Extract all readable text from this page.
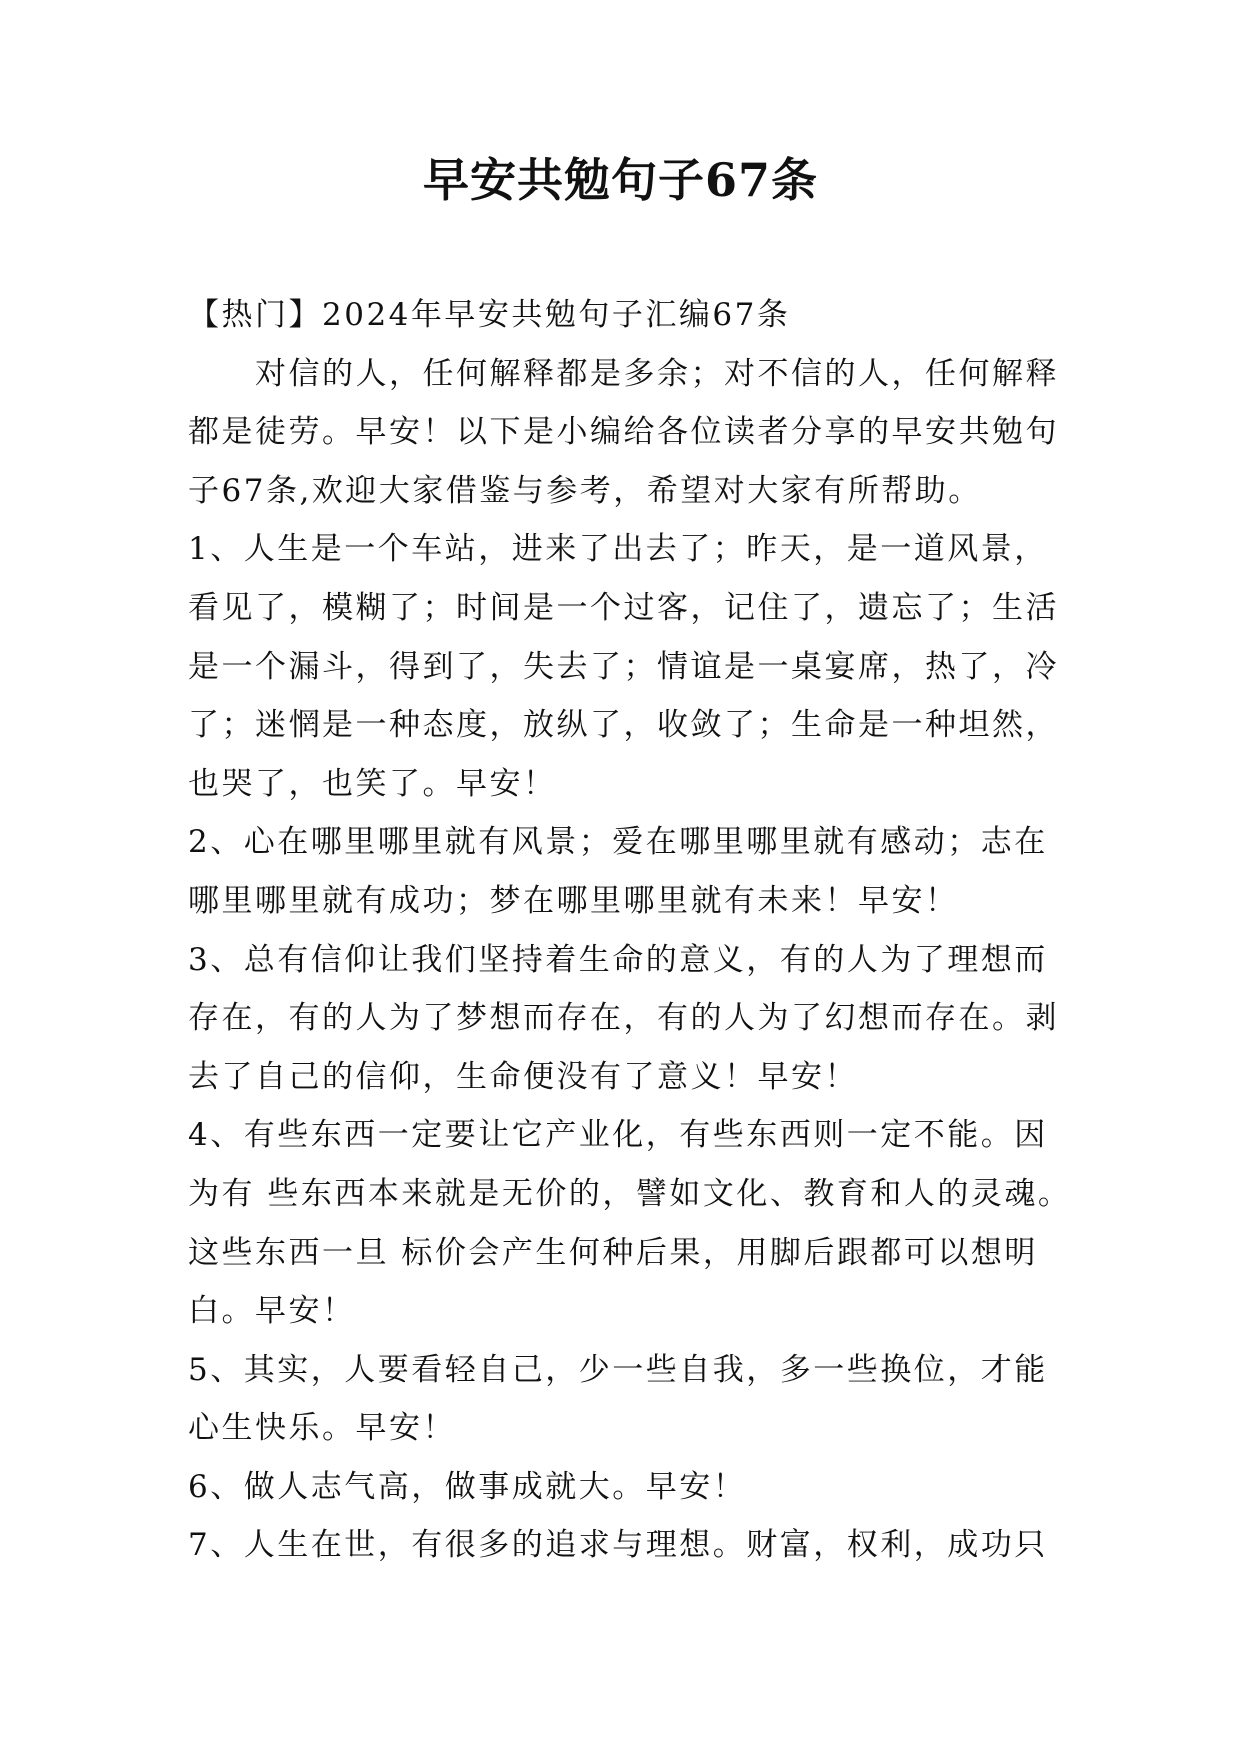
早安共勉句子67条
【热门】2024年早安共勉句子汇编67条
　　对信的人，任何解释都是多余；对不信的人，任何解释
都是徒劳。早安！以下是小编给各位读者分享的早安共勉句
子67条,欢迎大家借鉴与参考，希望对大家有所帮助。
1、人生是一个车站，进来了出去了；昨天，是一道风景，
看见了，模糊了；时间是一个过客，记住了，遗忘了；生活
是一个漏斗，得到了，失去了；情谊是一桌宴席，热了，冷
了；迷惘是一种态度，放纵了，收敛了；生命是一种坦然，
也哭了，也笑了。早安！
2、心在哪里哪里就有风景；爱在哪里哪里就有感动；志在
哪里哪里就有成功；梦在哪里哪里就有未来！早安！
3、总有信仰让我们坚持着生命的意义，有的人为了理想而
存在，有的人为了梦想而存在，有的人为了幻想而存在。剥
去了自己的信仰，生命便没有了意义！早安！
4、有些东西一定要让它产业化，有些东西则一定不能。因
为有 些东西本来就是无价的，譬如文化、教育和人的灵魂。
这些东西一旦 标价会产生何种后果，用脚后跟都可以想明
白。早安！
5、其实，人要看轻自己，少一些自我，多一些换位，才能
心生快乐。早安！
6、做人志气高，做事成就大。早安！
7、人生在世，有很多的追求与理想。财富，权利，成功只
